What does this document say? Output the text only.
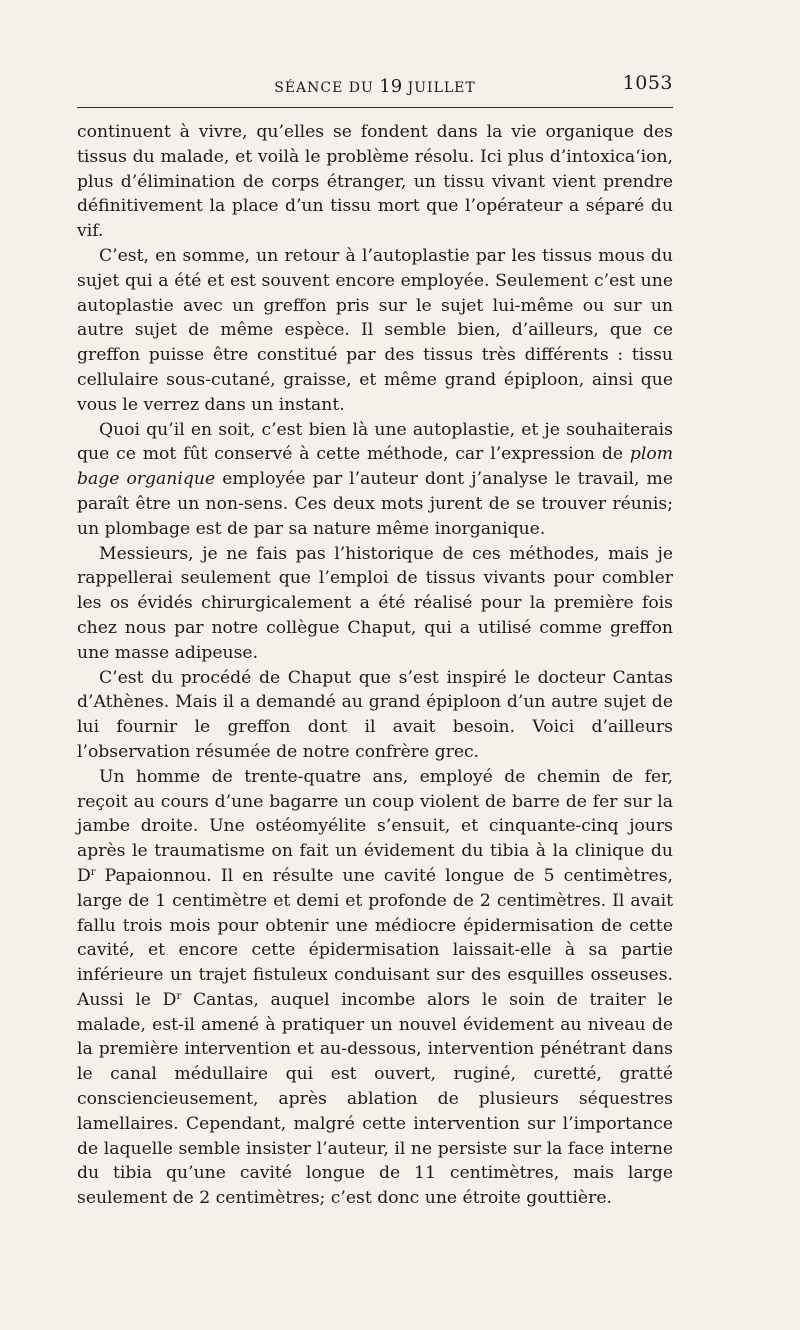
SÉANCE DU 19 JUILLET	1053

continuent à vivre, qu’elles se fondent dans la vie organique des tissus du malade, et voilà le problème résolu. Ici plus d’intoxica‘ion, plus d’élimination de corps étranger, un tissu vivant vient prendre définitivement la place d’un tissu mort que l’opérateur a séparé du vif.

C’est, en somme, un retour à l’autoplastie par les tissus mous du sujet qui a été et est souvent encore employée. Seulement c’est une autoplastie avec un greffon pris sur le sujet lui-même ou sur un autre sujet de même espèce. Il semble bien, d’ailleurs, que ce greffon puisse être constitué par des tissus très différents : tissu cellulaire sous-cutané, graisse, et même grand épiploon, ainsi que vous le verrez dans un instant.

Quoi qu’il en soit, c’est bien là une autoplastie, et je souhaiterais que ce mot fût conservé à cette méthode, car l’expression de plom bage organique employée par l’auteur dont j’analyse le travail, me paraît être un non-sens. Ces deux mots jurent de se trouver réunis; un plombage est de par sa nature même inorganique.

Messieurs, je ne fais pas l’historique de ces méthodes, mais je rappellerai seulement que l’emploi de tissus vivants pour combler les os évidés chirurgicalement a été réalisé pour la première fois chez nous par notre collègue Chaput, qui a utilisé comme greffon une masse adipeuse.

C’est du procédé de Chaput que s’est inspiré le docteur Cantas d’Athènes. Mais il a demandé au grand épiploon d’un autre sujet de lui fournir le greffon dont il avait besoin. Voici d’ailleurs l’observation résumée de notre confrère grec.

Un homme de trente-quatre ans, employé de chemin de fer, reçoit au cours d’une bagarre un coup violent de barre de fer sur la jambe droite. Une ostéomyélite s’ensuit, et cinquante-cinq jours après le traumatisme on fait un évidement du tibia à la clinique du $D^r$ Papaionnou. Il en résulte une cavité longue de 5 centimètres, large de 1 centimètre et demi et profonde de 2 centimètres. Il avait fallu trois mois pour obtenir une médiocre épidermisation de cette cavité, et encore cette épidermisation laissait-elle à sa partie inférieure un trajet fistuleux conduisant sur des esquilles osseuses. Aussi le $D^r$ Cantas, auquel incombe alors le soin de traiter le malade, est-il amené à pratiquer un nouvel évidement au niveau de la première intervention et au-dessous, intervention pénétrant dans le canal médullaire qui est ouvert, ruginé, curetté, gratté consciencieusement, après ablation de plusieurs séquestres lamellaires. Cependant, malgré cette intervention sur l’importance de laquelle semble insister l’auteur, il ne persiste sur la face interne du tibia qu’une cavité longue de 11 centimètres, mais large seulement de 2 centimètres; c’est donc une étroite gouttière.
